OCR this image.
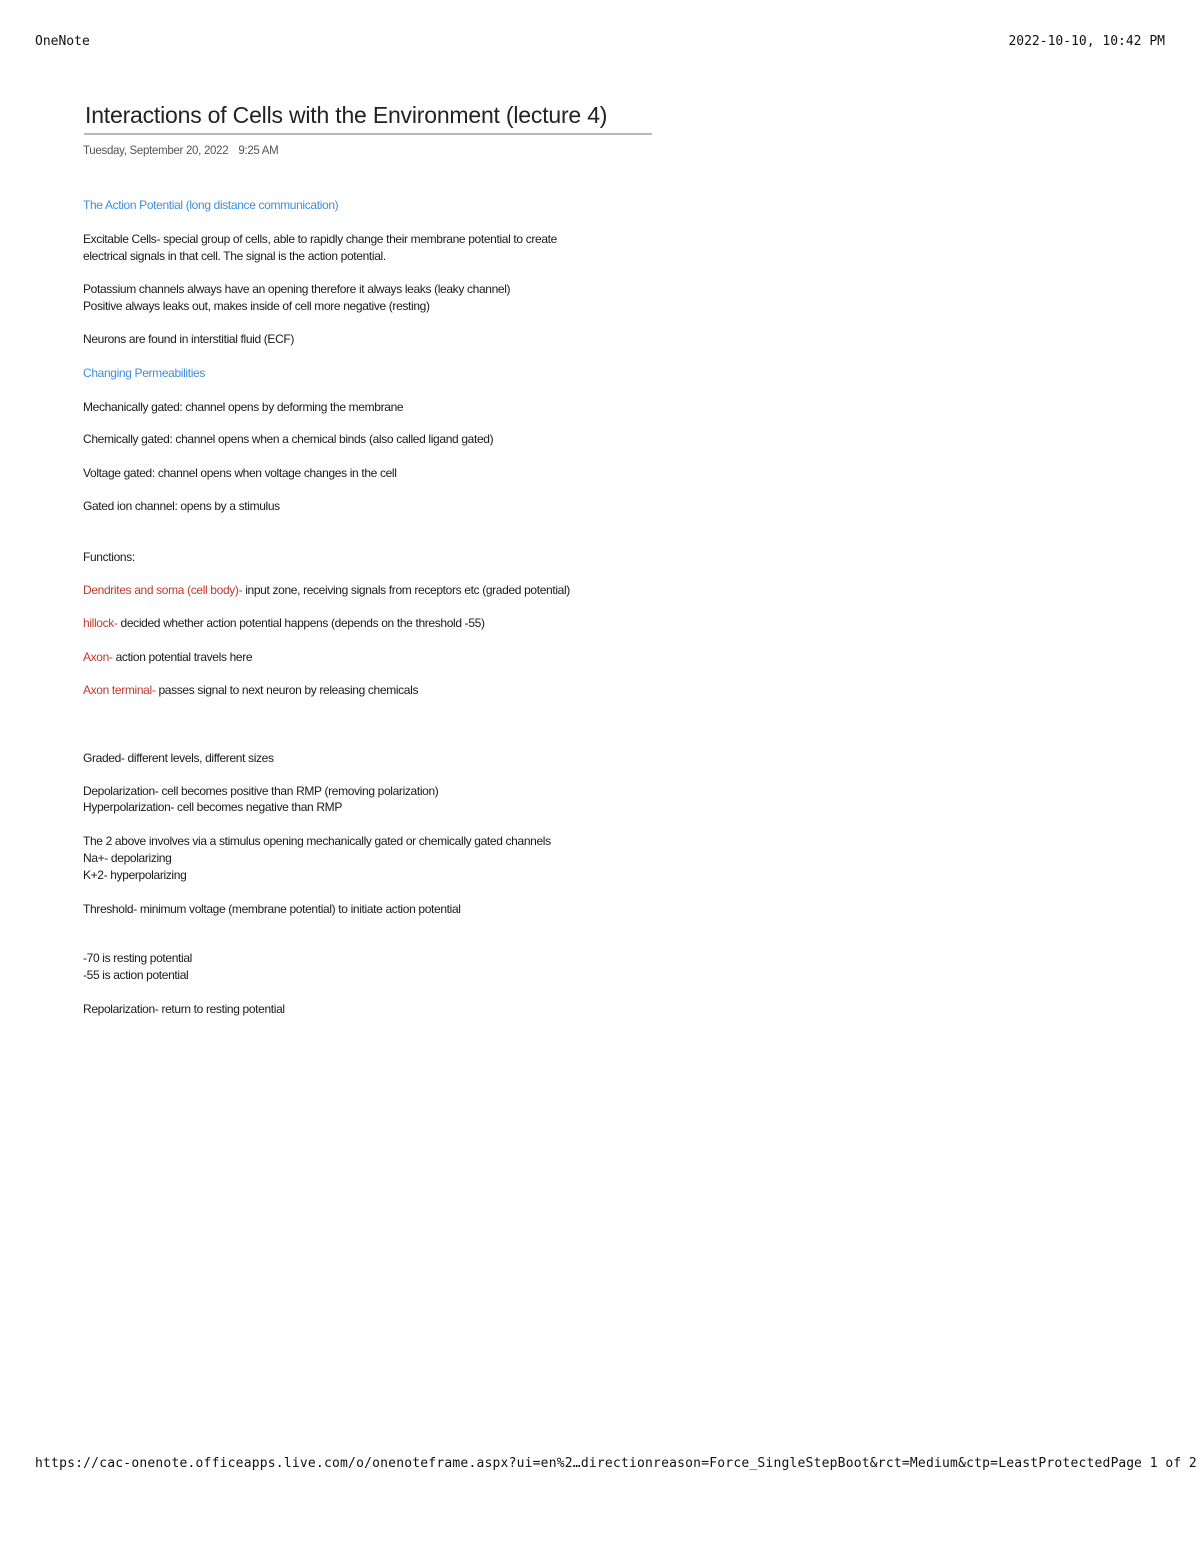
OneNote	2022-10-10, 10:42 PM
Interactions of Cells with the Environment (lecture 4)
Tuesday, September 20, 2022 9:25 AM

The Action Potential (long distance communication)

Excitable Cells- special group of cells, able to rapidly change their membrane potential to create

electrical signals in that cell. The signal is the action potential.

Potassium channels always have an opening therefore it always leaks (leaky channel)

Positive always leaks out, makes inside of cell more negative (resting)

Neurons are found in interstitial fluid (ECF)

Changing Permeabilities

Mechanically gated: channel opens by deforming the membrane

Chemically gated: channel opens when a chemical binds (also called ligand gated)

Voltage gated: channel opens when voltage changes in the cell

Gated ion channel: opens by a stimulus

Functions:

Dendrites and soma (cell body)- input zone, receiving signals from receptors etc (graded potential)

hillock- decided whether action potential happens (depends on the threshold -55)

Axon- action potential travels here

Axon terminal- passes signal to next neuron by releasing chemicals

Graded- different levels, different sizes

Depolarization- cell becomes positive than RMP (removing polarization)

Hyperpolarization- cell becomes negative than RMP

The 2 above involves via a stimulus opening mechanically gated or chemically gated channels

Na+- depolarizing

K+2- hyperpolarizing

Threshold- minimum voltage (membrane potential) to initiate action potential

-70 is resting potential

-55 is action potential

Repolarization- return to resting potential

https://cac-onenote.officeapps.live.com/o/onenoteframe.aspx?ui=en%2…directionreason=Force_SingleStepBoot&rct=Medium&ctp=LeastProtected Page 1 of 2
